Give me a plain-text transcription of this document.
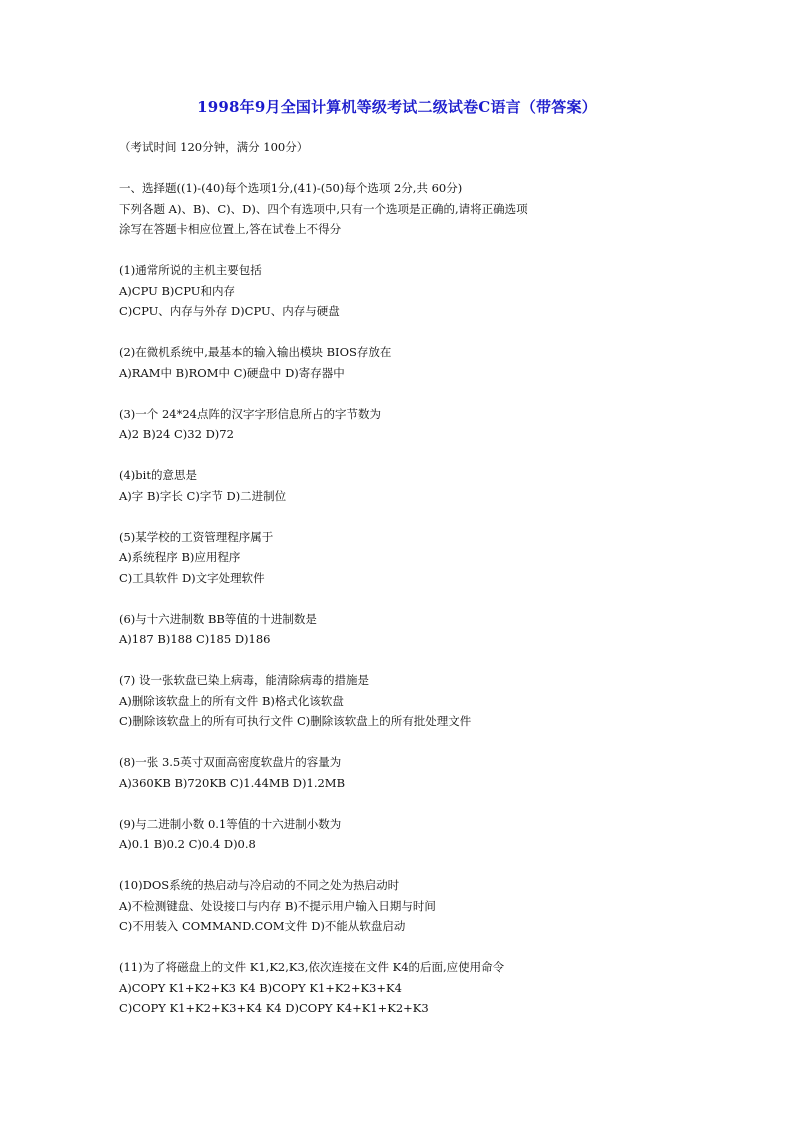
1998年9月全国计算机等级考试二级试卷C语言（带答案）
（考试时间 120分钟，满分 100分）
一、选择题((1)-(40)每个选项1分,(41)-(50)每个选项 2分,共 60分)
下列各题 A)、B)、C)、D)、四个有选项中,只有一个选项是正确的,请将正确选项
涂写在答题卡相应位置上,答在试卷上不得分
(1)通常所说的主机主要包括
A)CPU B)CPU和内存
C)CPU、内存与外存 D)CPU、内存与硬盘
(2)在微机系统中,最基本的输入输出模块 BIOS存放在
A)RAM中 B)ROM中 C)硬盘中 D)寄存器中
(3)一个 24*24点阵的汉字字形信息所占的字节数为
A)2 B)24 C)32 D)72
(4)bit的意思是
A)字 B)字长 C)字节 D)二进制位
(5)某学校的工资管理程序属于
A)系统程序 B)应用程序
C)工具软件 D)文字处理软件
(6)与十六进制数 BB等值的十进制数是
A)187 B)188 C)185 D)186
(7) 设一张软盘已染上病毒，能清除病毒的措施是
A)删除该软盘上的所有文件 B)格式化该软盘
C)删除该软盘上的所有可执行文件 C)删除该软盘上的所有批处理文件
(8)一张 3.5英寸双面高密度软盘片的容量为
A)360KB B)720KB C)1.44MB D)1.2MB
(9)与二进制小数 0.1等值的十六进制小数为
A)0.1 B)0.2 C)0.4 D)0.8
(10)DOS系统的热启动与冷启动的不同之处为热启动时
A)不检测键盘、处设接口与内存 B)不提示用户输入日期与时间
C)不用装入 COMMAND.COM文件 D)不能从软盘启动
(11)为了将磁盘上的文件 K1,K2,K3,依次连接在文件 K4的后面,应使用命令
A)COPY K1+K2+K3 K4 B)COPY K1+K2+K3+K4
C)COPY K1+K2+K3+K4 K4 D)COPY K4+K1+K2+K3
